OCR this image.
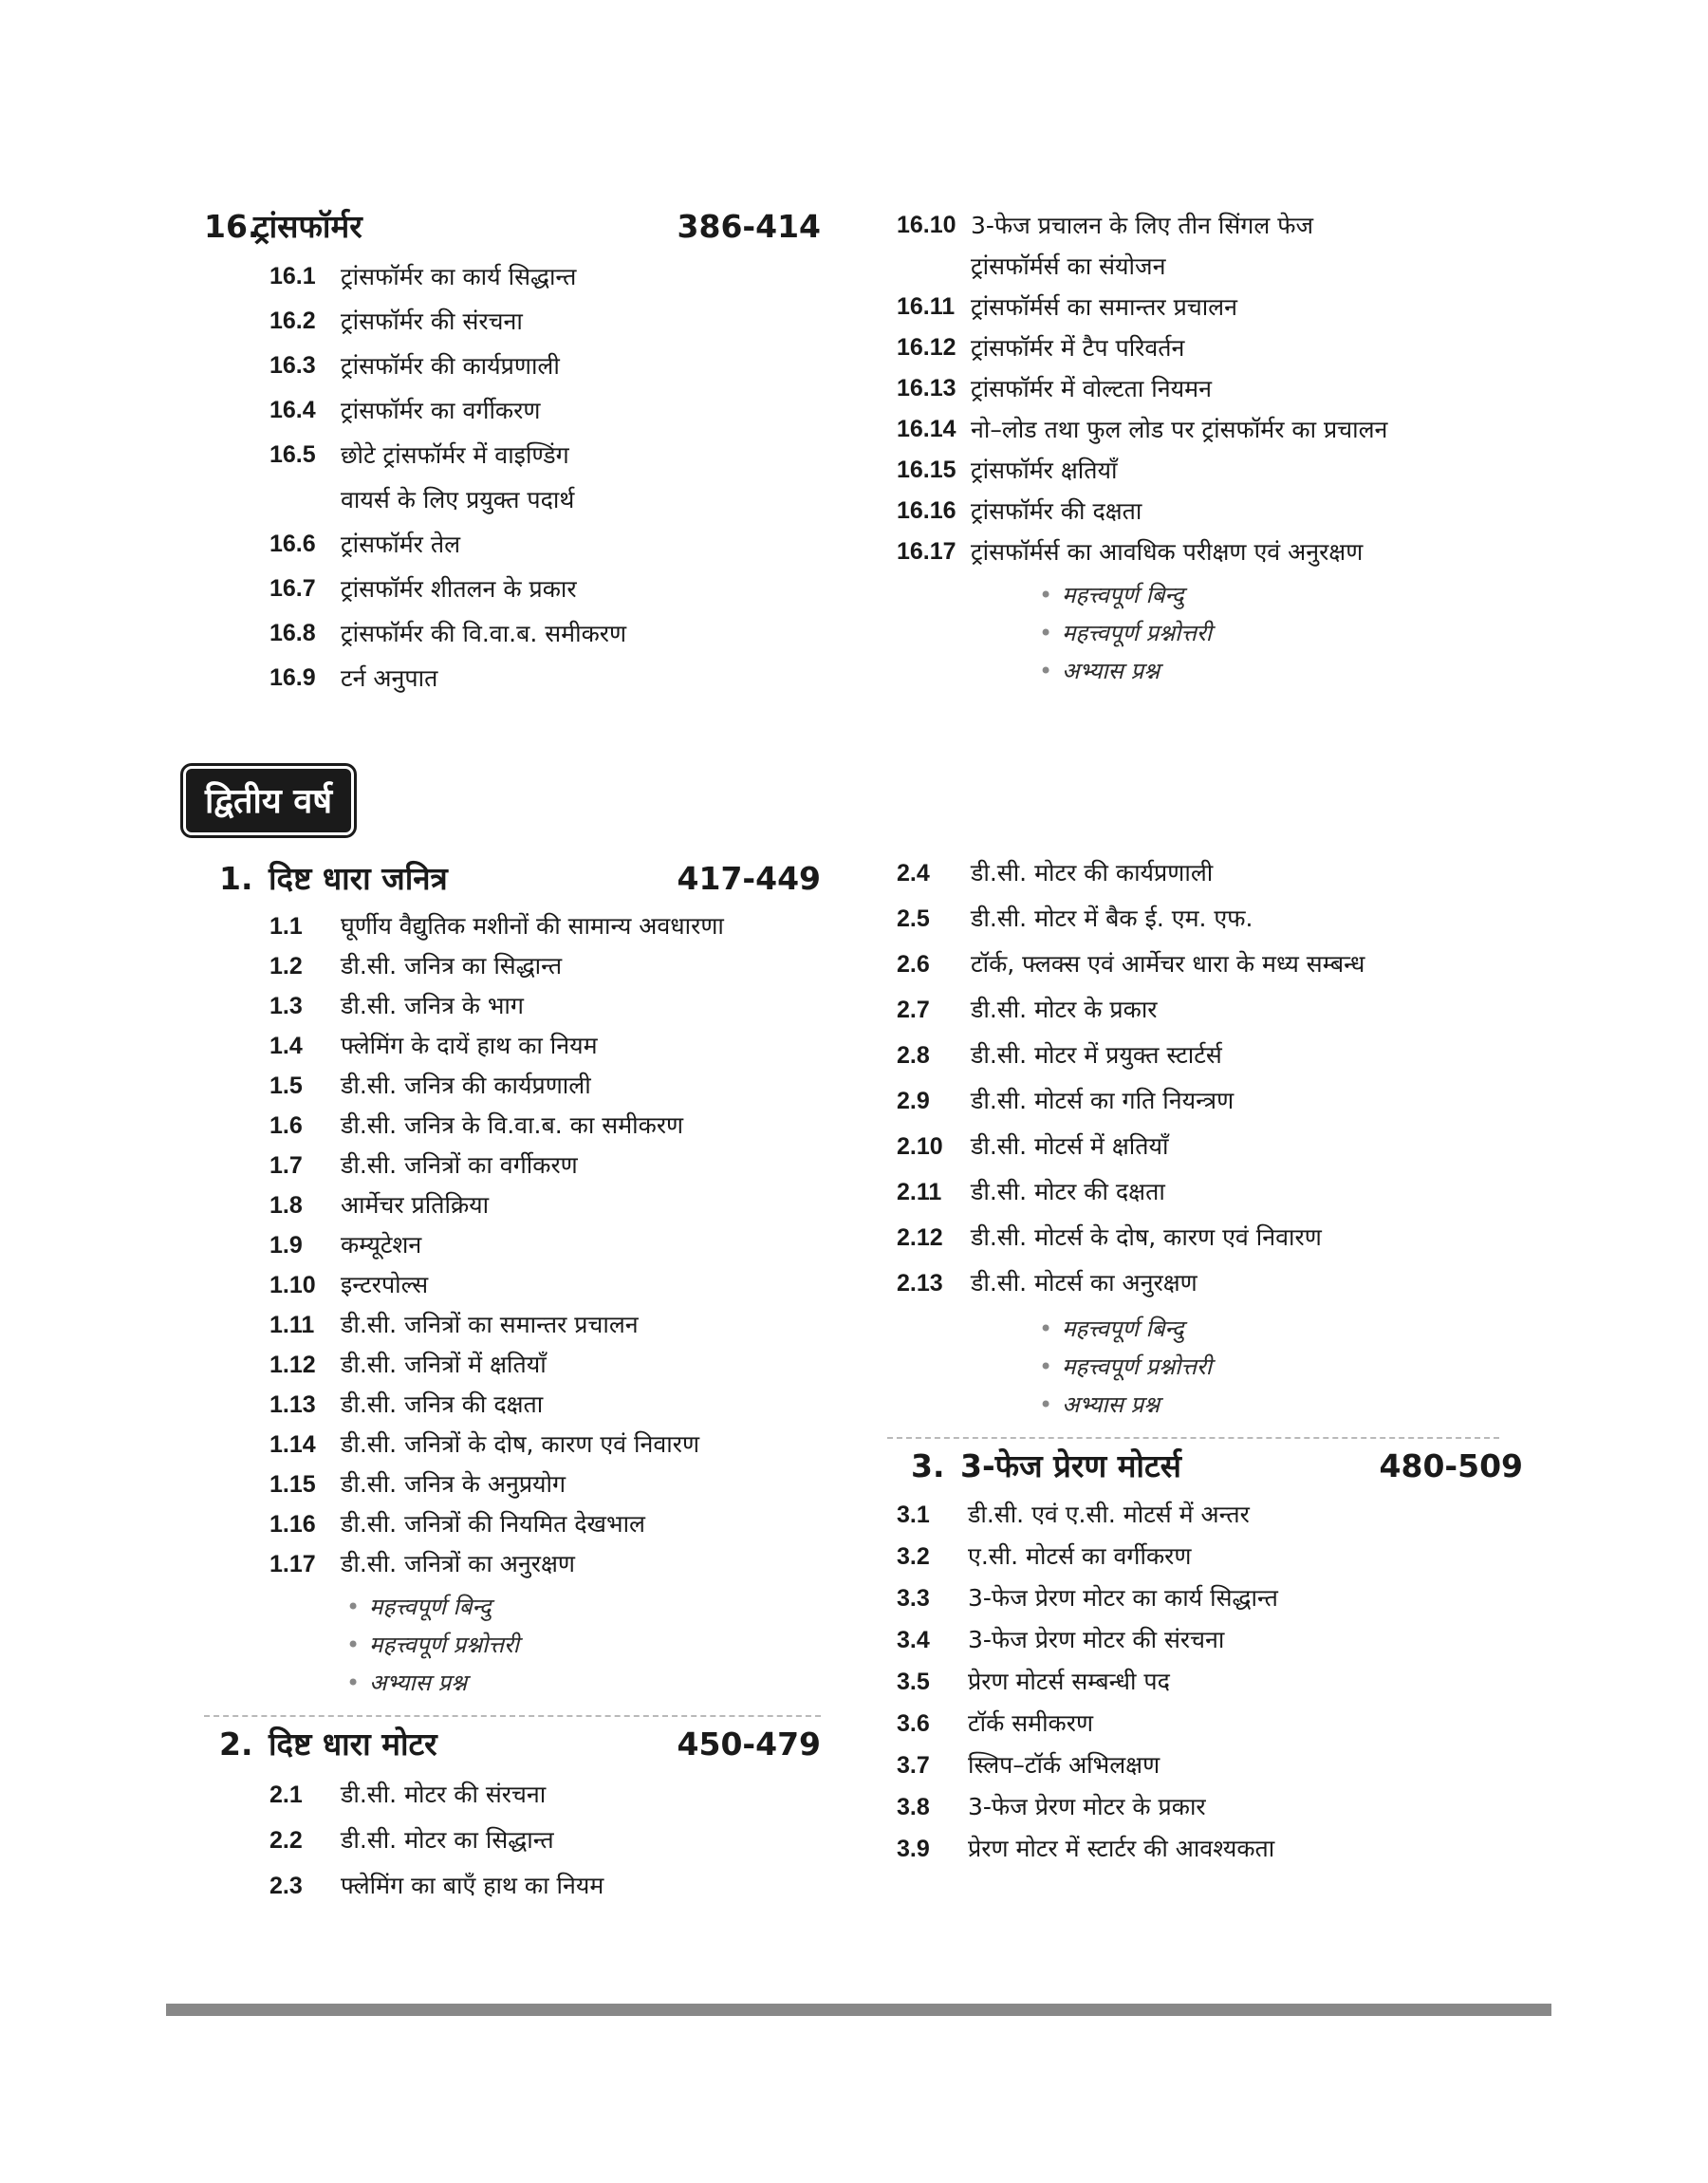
16.ट्रांसफॉर्मर	386-414
16.1	ट्रांसफॉर्मर का कार्य सिद्धान्त
16.2	ट्रांसफॉर्मर की संरचना
16.3	ट्रांसफॉर्मर की कार्यप्रणाली
16.4	ट्रांसफॉर्मर का वर्गीकरण
16.5	छोटे ट्रांसफॉर्मर में वाइण्डिंग
वायर्स के लिए प्रयुक्त पदार्थ
16.6	ट्रांसफॉर्मर तेल
16.7	ट्रांसफॉर्मर शीतलन के प्रकार
16.8	ट्रांसफॉर्मर की वि.वा.ब. समीकरण
16.9	टर्न अनुपात
16.10 3-फेज प्रचालन के लिए तीन सिंगल फेज
ट्रांसफॉर्मर्स का संयोजन
16.11 ट्रांसफॉर्मर्स का समान्तर प्रचालन
16.12 ट्रांसफॉर्मर में टैप परिवर्तन
16.13 ट्रांसफॉर्मर में वोल्टता नियमन
16.14 नो–लोड तथा फुल लोड पर ट्रांसफॉर्मर का प्रचालन
16.15 ट्रांसफॉर्मर क्षतियाँ
16.16 ट्रांसफॉर्मर की दक्षता
16.17 ट्रांसफॉर्मर्स का आवधिक परीक्षण एवं अनुरक्षण
• महत्त्वपूर्ण बिन्दु
• महत्त्वपूर्ण प्रश्नोत्तरी
• अभ्यास प्रश्न
द्वितीय वर्ष
1. दिष्ट धारा जनित्र	417-449
1.1	घूर्णीय वैद्युतिक मशीनों की सामान्य अवधारणा
1.2	डी.सी. जनित्र का सिद्धान्त
1.3	डी.सी. जनित्र के भाग
1.4	फ्लेमिंग के दायें हाथ का नियम
1.5	डी.सी. जनित्र की कार्यप्रणाली
1.6	डी.सी. जनित्र के वि.वा.ब. का समीकरण
1.7	डी.सी. जनित्रों का वर्गीकरण
1.8	आर्मेचर प्रतिक्रिया
1.9	कम्यूटेशन
1.10	इन्टरपोल्स
1.11	डी.सी. जनित्रों का समान्तर प्रचालन
1.12	डी.सी. जनित्रों में क्षतियाँ
1.13	डी.सी. जनित्र की दक्षता
1.14	डी.सी. जनित्रों के दोष, कारण एवं निवारण
1.15	डी.सी. जनित्र के अनुप्रयोग
1.16	डी.सी. जनित्रों की नियमित देखभाल
1.17	डी.सी. जनित्रों का अनुरक्षण
• महत्त्वपूर्ण बिन्दु
• महत्त्वपूर्ण प्रश्नोत्तरी
• अभ्यास प्रश्न
2. दिष्ट धारा मोटर	450-479
2.1	डी.सी. मोटर की संरचना
2.2	डी.सी. मोटर का सिद्धान्त
2.3	फ्लेमिंग का बाएँ हाथ का नियम
2.4	डी.सी. मोटर की कार्यप्रणाली
2.5	डी.सी. मोटर में बैक ई. एम. एफ.
2.6	टॉर्क, फ्लक्स एवं आर्मेचर धारा के मध्य सम्बन्ध
2.7	डी.सी. मोटर के प्रकार
2.8	डी.सी. मोटर में प्रयुक्त स्टार्टर्स
2.9	डी.सी. मोटर्स का गति नियन्त्रण
2.10	डी.सी. मोटर्स में क्षतियाँ
2.11	डी.सी. मोटर की दक्षता
2.12	डी.सी. मोटर्स के दोष, कारण एवं निवारण
2.13	डी.सी. मोटर्स का अनुरक्षण
• महत्त्वपूर्ण बिन्दु
• महत्त्वपूर्ण प्रश्नोत्तरी
• अभ्यास प्रश्न
3. 3-फेज प्रेरण मोटर्स	480-509
3.1	डी.सी. एवं ए.सी. मोटर्स में अन्तर
3.2	ए.सी. मोटर्स का वर्गीकरण
3.3	3-फेज प्रेरण मोटर का कार्य सिद्धान्त
3.4	3-फेज प्रेरण मोटर की संरचना
3.5	प्रेरण मोटर्स सम्बन्धी पद
3.6	टॉर्क समीकरण
3.7	स्लिप–टॉर्क अभिलक्षण
3.8	3-फेज प्रेरण मोटर के प्रकार
3.9	प्रेरण मोटर में स्टार्टर की आवश्यकता
